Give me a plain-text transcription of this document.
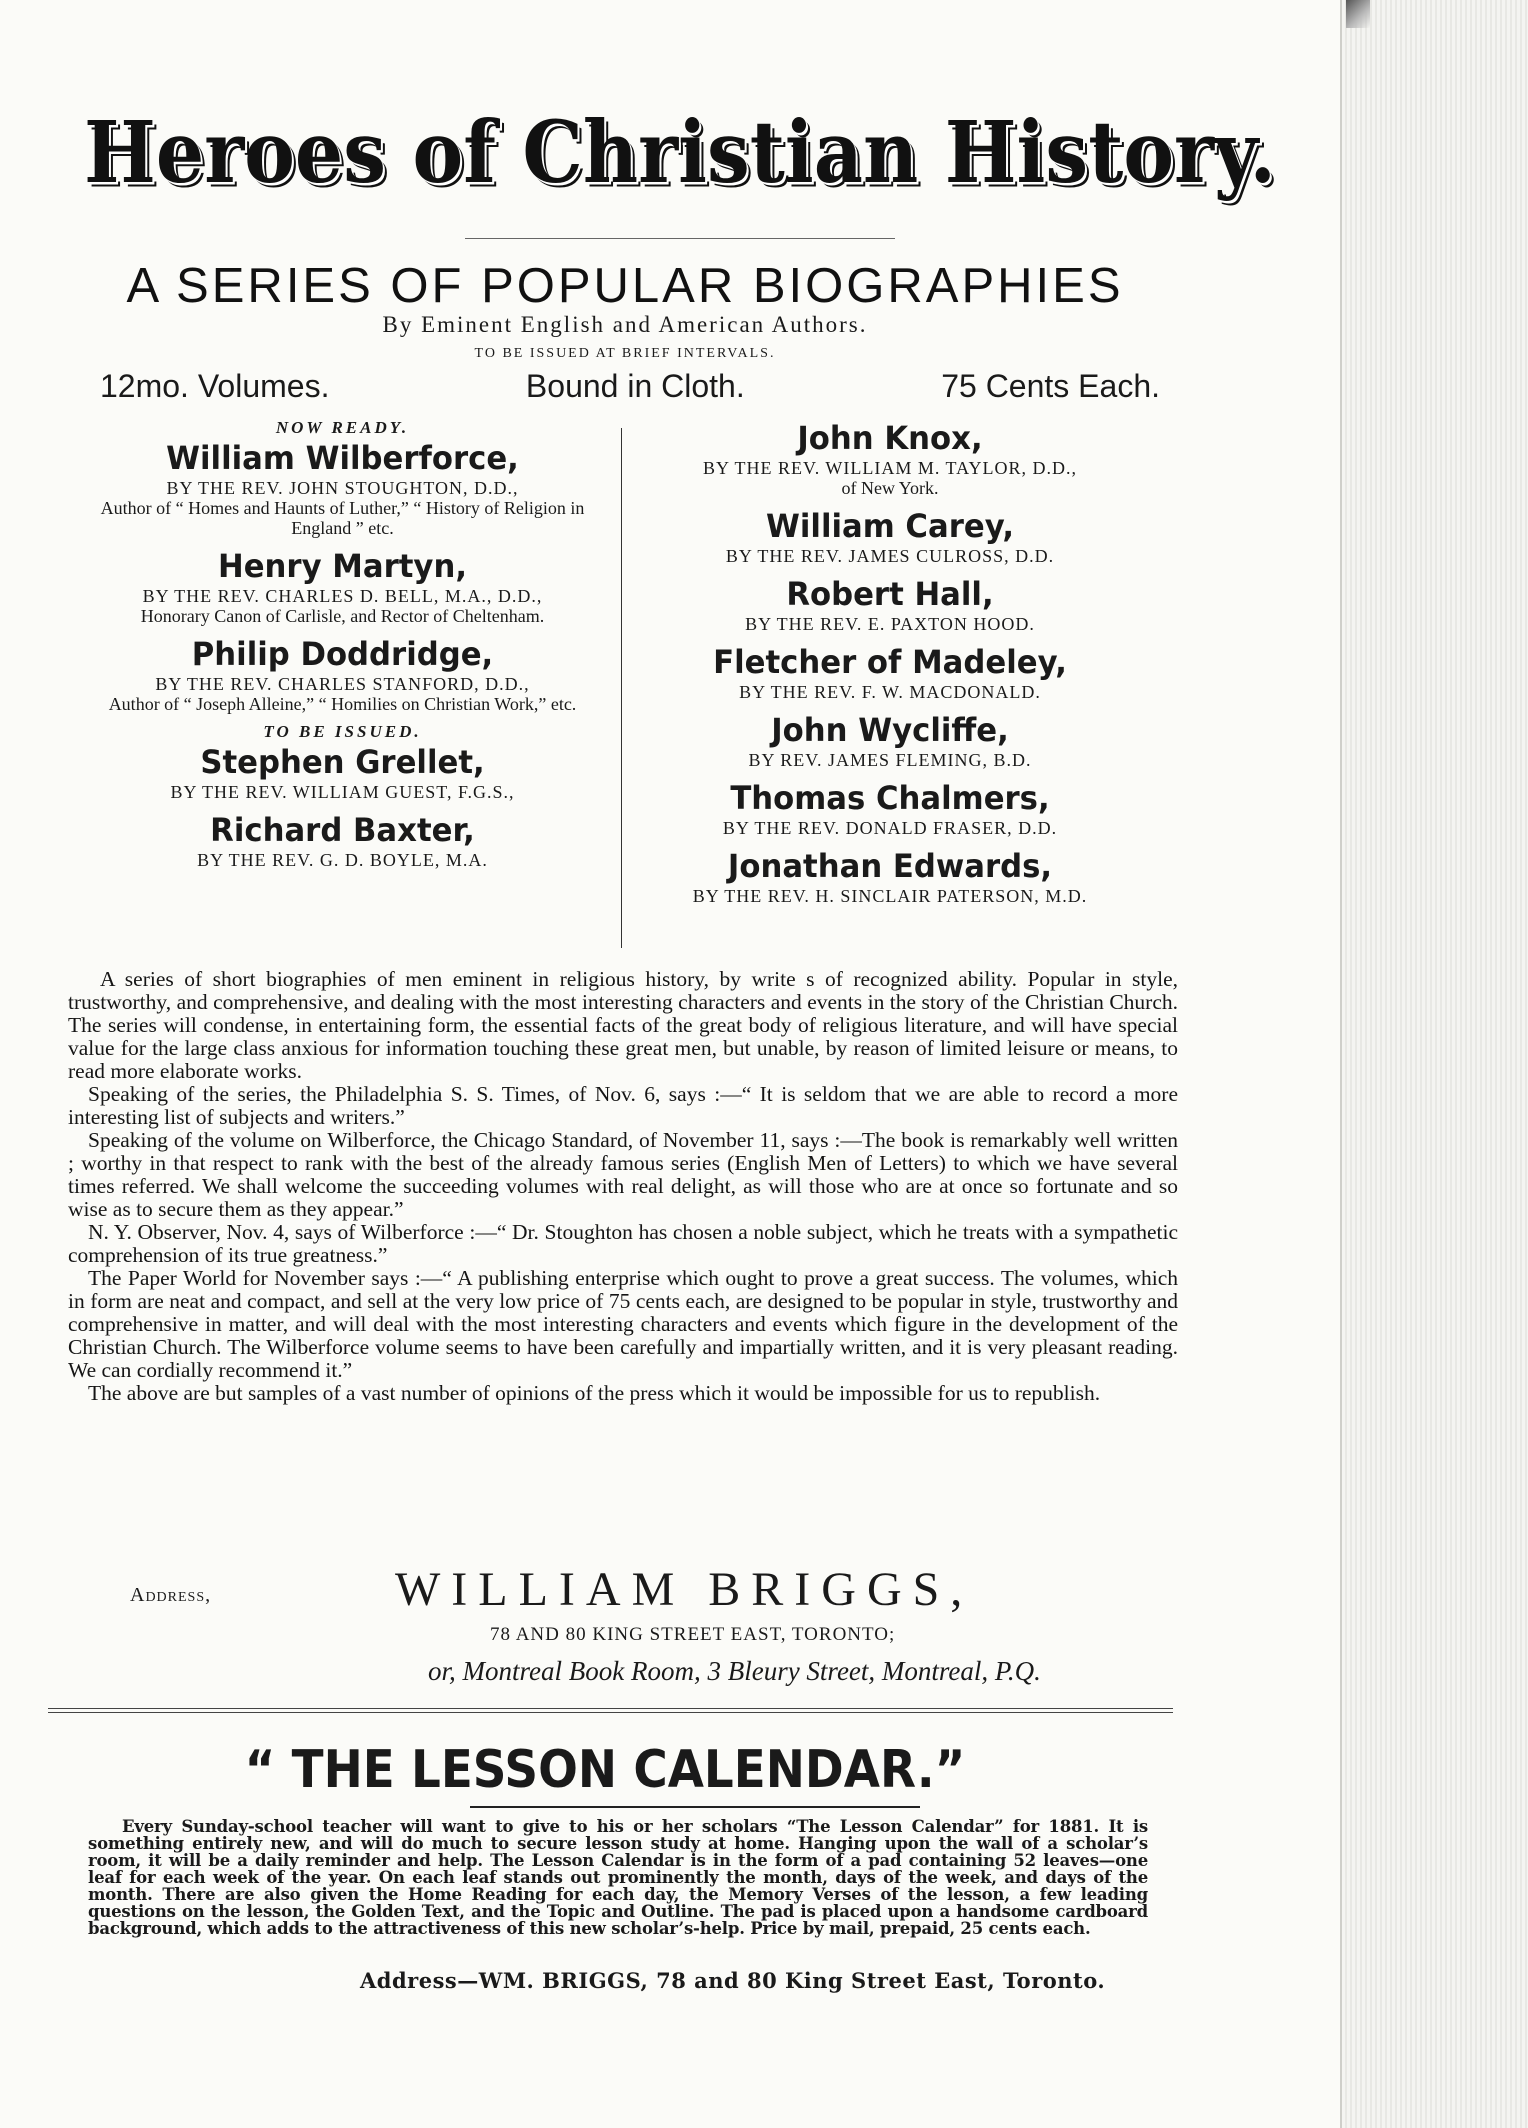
Heroes of Christian History.
A SERIES OF POPULAR BIOGRAPHIES
By Eminent English and American Authors.
TO BE ISSUED AT BRIEF INTERVALS.
12mo. Volumes.	Bound in Cloth.	75 Cents Each.
NOW READY.
William Wilberforce,
BY THE REV. JOHN STOUGHTON, D.D.,
Author of “ Homes and Haunts of Luther,” “ History of Religion in England ” etc.
Henry Martyn,
BY THE REV. CHARLES D. BELL, M.A., D.D.,
Honorary Canon of Carlisle, and Rector of Cheltenham.
Philip Doddridge,
BY THE REV. CHARLES STANFORD, D.D.,
Author of “ Joseph Alleine,” “ Homilies on Christian Work,” etc.
TO BE ISSUED.
Stephen Grellet,
BY THE REV. WILLIAM GUEST, F.G.S.,
Richard Baxter,
BY THE REV. G. D. BOYLE, M.A.
John Knox,
BY THE REV. WILLIAM M. TAYLOR, D.D.,
of New York.
William Carey,
BY THE REV. JAMES CULROSS, D.D.
Robert Hall,
BY THE REV. E. PAXTON HOOD.
Fletcher of Madeley,
BY THE REV. F. W. MACDONALD.
John Wycliffe,
BY REV. JAMES FLEMING, B.D.
Thomas Chalmers,
BY THE REV. DONALD FRASER, D.D.
Jonathan Edwards,
BY THE REV. H. SINCLAIR PATERSON, M.D.

A series of short biographies of men eminent in religious history, by write s of recognized ability. Popular in style, trustworthy, and comprehensive, and dealing with the most interesting characters and events in the story of the Christian Church. The series will condense, in entertaining form, the essential facts of the great body of religious literature, and will have special value for the large class anxious for information touching these great men, but unable, by reason of limited leisure or means, to read more elaborate works.

Speaking of the series, the Philadelphia S. S. Times, of Nov. 6, says :—“ It is seldom that we are able to record a more interesting list of subjects and writers.”

Speaking of the volume on Wilberforce, the Chicago Standard, of November 11, says :—The book is remarkably well written ; worthy in that respect to rank with the best of the already famous series (English Men of Letters) to which we have several times referred. We shall welcome the succeeding volumes with real delight, as will those who are at once so fortunate and so wise as to secure them as they appear.”

N. Y. Observer, Nov. 4, says of Wilberforce :—“ Dr. Stoughton has chosen a noble subject, which he treats with a sympathetic comprehension of its true greatness.”

The Paper World for November says :—“ A publishing enterprise which ought to prove a great success. The volumes, which in form are neat and compact, and sell at the very low price of 75 cents each, are designed to be popular in style, trustworthy and comprehensive in matter, and will deal with the most interesting characters and events which figure in the development of the Christian Church. The Wilberforce volume seems to have been carefully and impartially written, and it is very pleasant reading. We can cordially recommend it.”

The above are but samples of a vast number of opinions of the press which it would be impossible for us to republish.

Address,	WILLIAM BRIGGS,
78 AND 80 KING STREET EAST, TORONTO;
or, Montreal Book Room, 3 Bleury Street, Montreal, P.Q.
“ THE LESSON CALENDAR.”

Every Sunday-school teacher will want to give to his or her scholars “The Lesson Calendar” for 1881. It is something entirely new, and will do much to secure lesson study at home. Hanging upon the wall of a scholar’s room, it will be a daily reminder and help. The Lesson Calendar is in the form of a pad containing 52 leaves—one leaf for each week of the year. On each leaf stands out prominently the month, days of the week, and days of the month. There are also given the Home Reading for each day, the Memory Verses of the lesson, a few leading questions on the lesson, the Golden Text, and the Topic and Outline. The pad is placed upon a handsome cardboard background, which adds to the attractiveness of this new scholar’s-help. Price by mail, prepaid, 25 cents each.

Address—WM. BRIGGS, 78 and 80 King Street East, Toronto.
